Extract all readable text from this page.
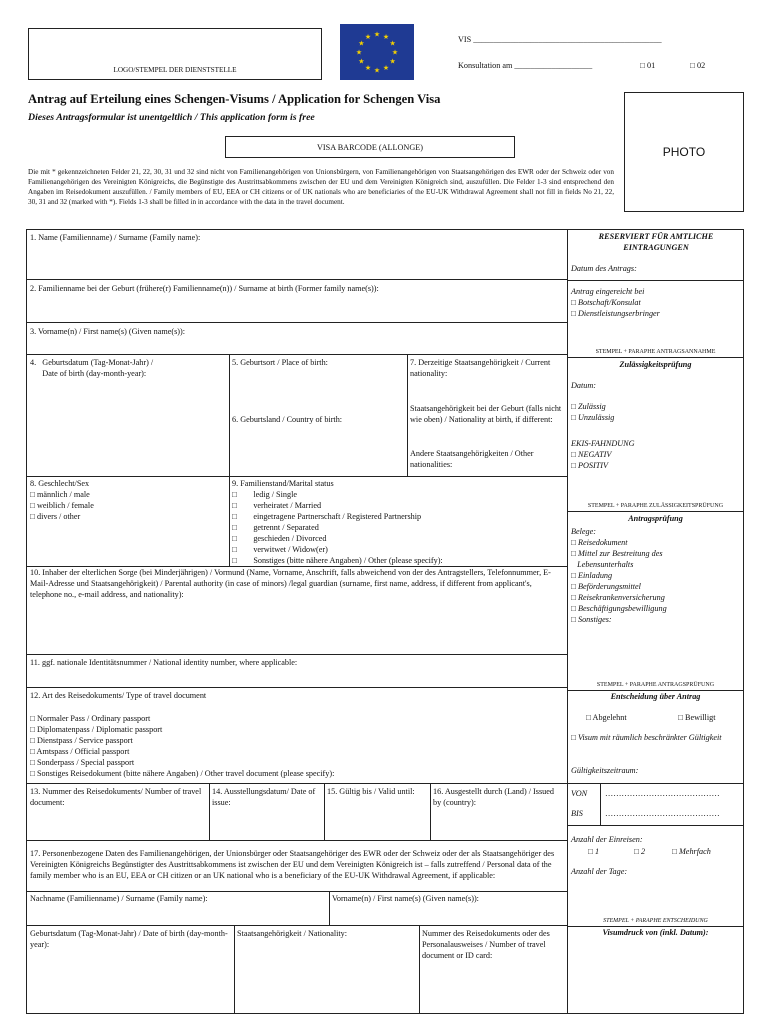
LOGO/STEMPEL DER DIENSTSTELLE
★ ★
★
★
★
★
★
★
★
★
★
★	VIS ______________________________________________
Konsultation am ___________________	□ 01	□ 02
Antrag auf Erteilung eines Schengen-Visums / Application for Schengen Visa
Dieses Antragsformular ist unentgeltlich / This application form is free
VISA BARCODE (ALLONGE)	PHOTO
Die mit * gekennzeichneten Felder 21, 22, 30, 31 und 32 sind nicht von Familienangehörigen von Unionsbürgern, von Familienangehörigen von Staatsangehörigen des EWR oder der Schweiz oder von Familienangehörigen des Vereinigten Königreichs, die Begünstigte des Austrittsabkommens zwischen der EU und dem Vereinigten Königreich sind, auszufüllen. Die Felder 1-3 sind entsprechend den Angaben im Reisedokument auszufüllen. / Family members of EU, EEA or CH citizens or of UK nationals who are beneficiaries of the EU-UK Withdrawal Agreement shall not fill in fields No 21, 22, 30, 31 and 32 (marked with *). Fields 1-3 shall be filled in in accordance with the data in the travel document.
1. Name (Familienname) / Surname (Family name):
2. Familienname bei der Geburt (frühere(r) Familienname(n)) / Surname at birth (Former family name(s)):
3. Vorname(n) / First name(s) (Given name(s)):
4.   Geburtsdatum (Tag-Monat-Jahr) /
Date of birth (day-month-year):
5. Geburtsort / Place of birth:
6. Geburtsland / Country of birth:
7. Derzeitige Staatsangehörigkeit / Current nationality:
Staatsangehörigkeit bei der Geburt (falls nicht wie oben) / Nationality at birth, if different:
Andere Staatsangehörigkeiten / Other nationalities:
8. Geschlecht/Sex
□ männlich / male
□ weiblich / female
□ divers / other
9. Familienstand/Marital status
□        ledig / Single
□        verheiratet / Married
□        eingetragene Partnerschaft / Registered Partnership
□        getrennt / Separated
□        geschieden / Divorced
□        verwitwet / Widow(er)
□        Sonstiges (bitte nähere Angaben) / Other (please specify):
10. Inhaber der elterlichen Sorge (bei Minderjährigen) / Vormund (Name, Vorname, Anschrift, falls abweichend von der des Antragstellers, Telefonnummer, E-Mail-Adresse und Staatsangehörigkeit) / Parental authority (in case of minors) /legal guardian (surname, first name, address, if different from applicant's, telephone no., e-mail address, and nationality):
11. ggf. nationale Identitätsnummer / National identity number, where applicable:
12. Art des Reisedokuments/ Type of travel document
□ Normaler Pass / Ordinary passport
□ Diplomatenpass / Diplomatic passport
□ Dienstpass / Service passport
□ Amtspass / Official passport
□ Sonderpass / Special passport
□ Sonstiges Reisedokument (bitte nähere Angaben) / Other travel document (please specify):
13. Nummer des Reisedokuments/ Number of travel document:
14. Ausstellungsdatum/ Date of issue:
15. Gültig bis / Valid until:	16. Ausgestellt durch (Land) / Issued by (country):
17. Personenbezogene Daten des Familienangehörigen, der Unionsbürger oder Staatsangehöriger des EWR oder der Schweiz oder der als Staatsangehöriger des Vereinigten Königreichs Begünstigter des Austrittsabkommens ist zwischen der EU und dem Vereinigten Königreich ist – falls zutreffend / Personal data of the family member who is an EU, EEA or CH citizen or an UK national who is a beneficiary of the EU-UK Withdrawal Agreement, if applicable:
Nachname (Familienname) / Surname (Family name):	Vorname(n) / First name(s) (Given name(s)):
Geburtsdatum (Tag-Monat-Jahr) / Date of birth (day-month-year):
Staatsangehörigkeit / Nationality:	Nummer des Reisedokuments oder des Personalausweises / Number of travel document or ID card:
RESERVIERT FÜR AMTLICHE EINTRAGUNGEN
Datum des Antrags:
Antrag eingereicht bei
□ Botschaft/Konsulat
□ Dienstleistungserbringer
STEMPEL + PARAPHE ANTRAGSANNAHME
Zulässigkeitsprüfung
Datum:
□ Zulässig
□ Unzulässig
EKIS-FAHNDUNG
□ NEGATIV
□ POSITIV
STEMPEL + PARAPHE ZULÄSSIGKEITSPRÜFUNG
Antragsprüfung
Belege:
□ Reisedokument
□ Mittel zur Bestreitung des
Lebensunterhalts
□ Einladung
□ Beförderungsmittel
□ Reisekrankenversicherung
□ Beschäftigungsbewilligung
□ Sonstiges:
STEMPEL + PARAPHE ANTRAGSPRÜFUNG
Entscheidung über Antrag
□ Abgelehnt	□ Bewilligt
□ Visum mit räumlich beschränkter Gültigkeit
Gültigkeitszeitraum:
VON ……………………………………
BIS	……………………………………
Anzahl der Einreisen:
□ 1	□ 2	□ Mehrfach
Anzahl der Tage:
STEMPEL + PARAPHE ENTSCHEIDUNG
Visumdruck von (inkl. Datum):
